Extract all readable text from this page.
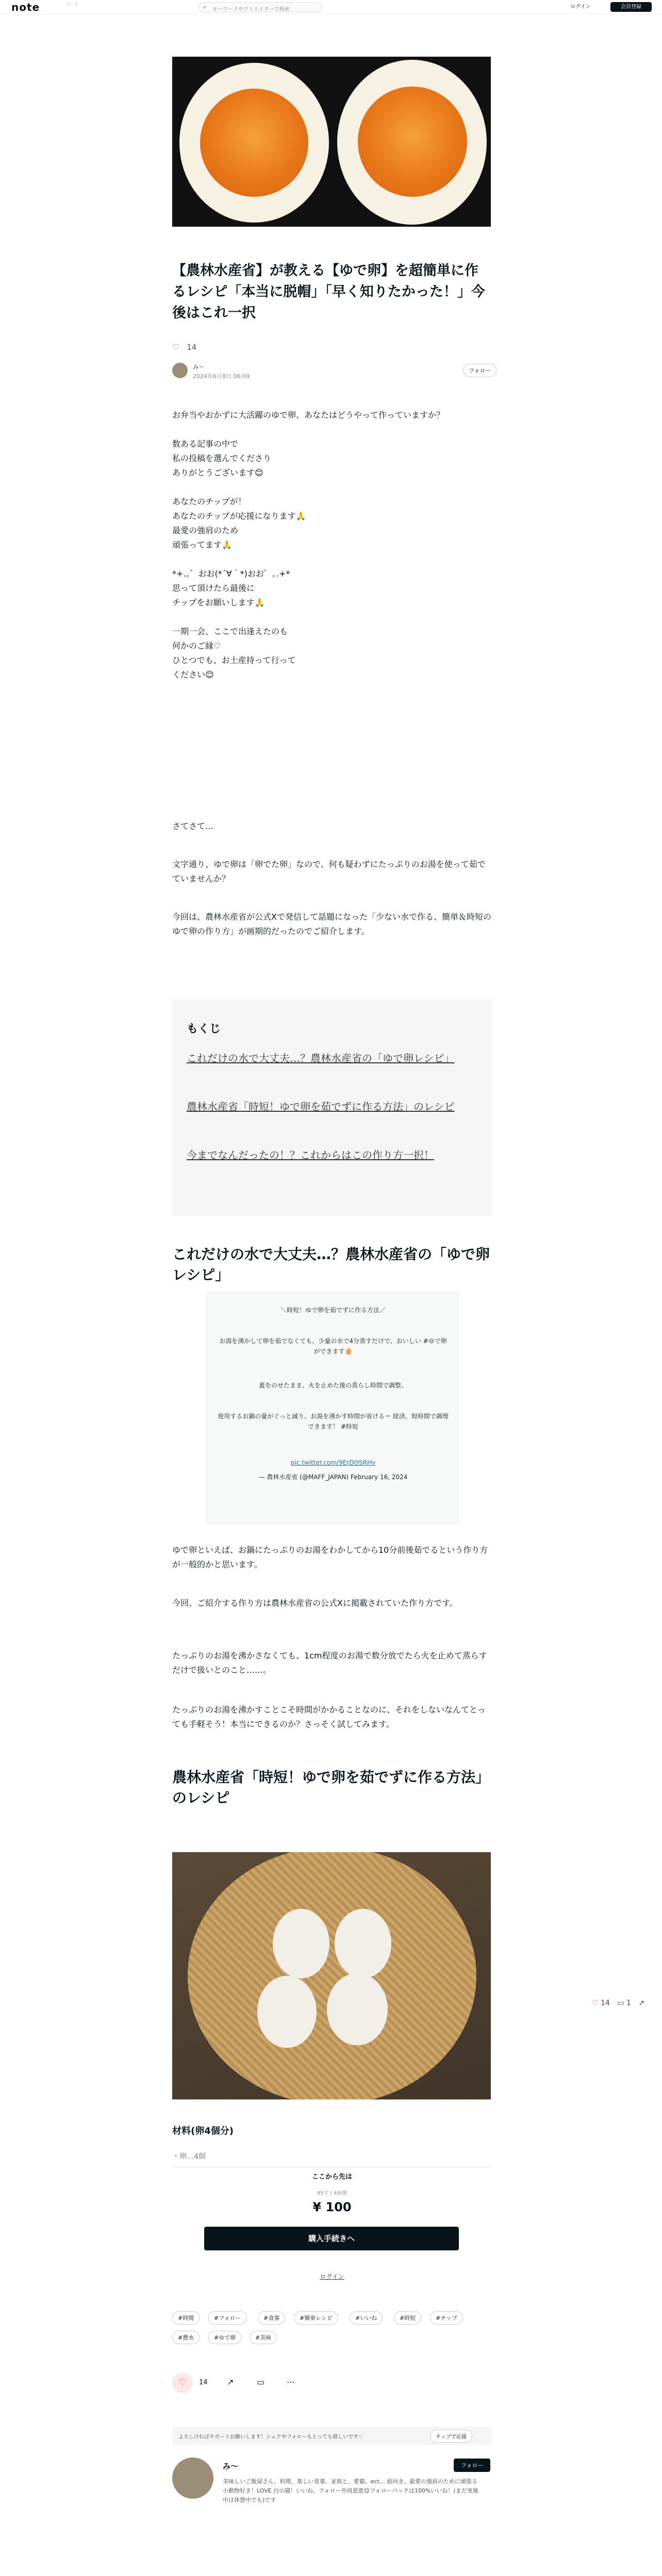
note	ノート	⌕ キーワードやクリエイターで検索	ログイン	会員登録
【農林水産省】が教える【ゆで卵】を超簡単に作るレシピ「本当に脱帽」「早く知りたかった！」今後はこれ一択
♡ 14
み～
2024年6月8日 06:09
フォロー
お弁当やおかずに大活躍のゆで卵、あなたはどうやって作っていますか？

数ある記事の中で
私の投稿を選んでくださり
ありがとうございます😊

あなたのチップが！
あなたのチップが応援になります🙏
最愛の強肩のため
頑張ってます🙏

*+.｡゜おお(*´∀｀*)おお゜｡.+*
思って頂けたら最後に
チップをお願いします🙏

一期一会、ここで出逢えたのも
何かのご縁♡
ひとつでも、お土産持って行って
ください😊
さてさて…
文字通り、ゆで卵は「卵でた卵」なので、何も疑わずにたっぷりのお湯を使って茹でていませんか？
今回は、農林水産省が公式Xで発信して話題になった「少ない水で作る、簡単＆時短のゆで卵の作り方」が画期的だったのでご紹介します。
もくじ
これだけの水で大丈夫…？農林水産省の「ゆで卵レシピ」
農林水産省「時短！ゆで卵を茹でずに作る方法」のレシピ
今までなんだったの！？これからはこの作り方一択！
これだけの水で大丈夫…？農林水産省の「ゆで卵レシピ」

＼時短！ゆで卵を茹でずに作る方法／

お湯を沸かして卵を茹でなくても、少量の水で4分蒸すだけで、おいしい #ゆで卵 ができます🥚

蓋をのせたまま、火を止めた後の蒸らし時間で調整。

使用するお鍋の量がぐっと減り、お湯を沸かす時間が省ける＝ 経済、短時間で調理できます！ #時短

pic.twitter.com/9ErDOSRHv

— 農林水産省 (@MAFF_JAPAN) February 16, 2024

ゆで卵といえば、お鍋にたっぷりのお湯をわかしてから10分前後茹でるという作り方が一般的かと思います。
今回、ご紹介する作り方は農林水産省の公式Xに掲載されていた作り方です。
たっぷりのお湯を沸かさなくても、1cm程度のお湯で数分放でたら火を止めて蒸らすだけで扱いとのこと……。
たっぷりのお湯を沸かすことこそ時間がかかることなのに、それをしないなんてとっても手軽そう！本当にできるのか？さっそく試してみます。
農林水産省「時短！ゆで卵を茹でずに作る方法」のレシピ
♡ 14 ▭ 1 ↗
材料(卵4個分)
・卵…4個
ここから先は
95字 / 4画像
¥ 100
購入手続きへ
ログイン
#時間	#フォロー	#食事	#簡単レシピ	#いいね	#時短	#チップ
#農水	#ゆで卵	#美味
♡	14 ↗	▭	⋯
よろしければサポートお願いします！シェアやフォローもとっても嬉しいです♡	チップで応援
み～	フォロー
美味しいご飯屋さん、料理、楽しい食事、家族と、愛猫、ect… 前向き、最愛の強肩のために頑張る小動物好き！LOVE 白の猫！いいね、フォロー外周恩恵😊フォローバックは100%いいね！(まだ実施中は休憩中でも)です
